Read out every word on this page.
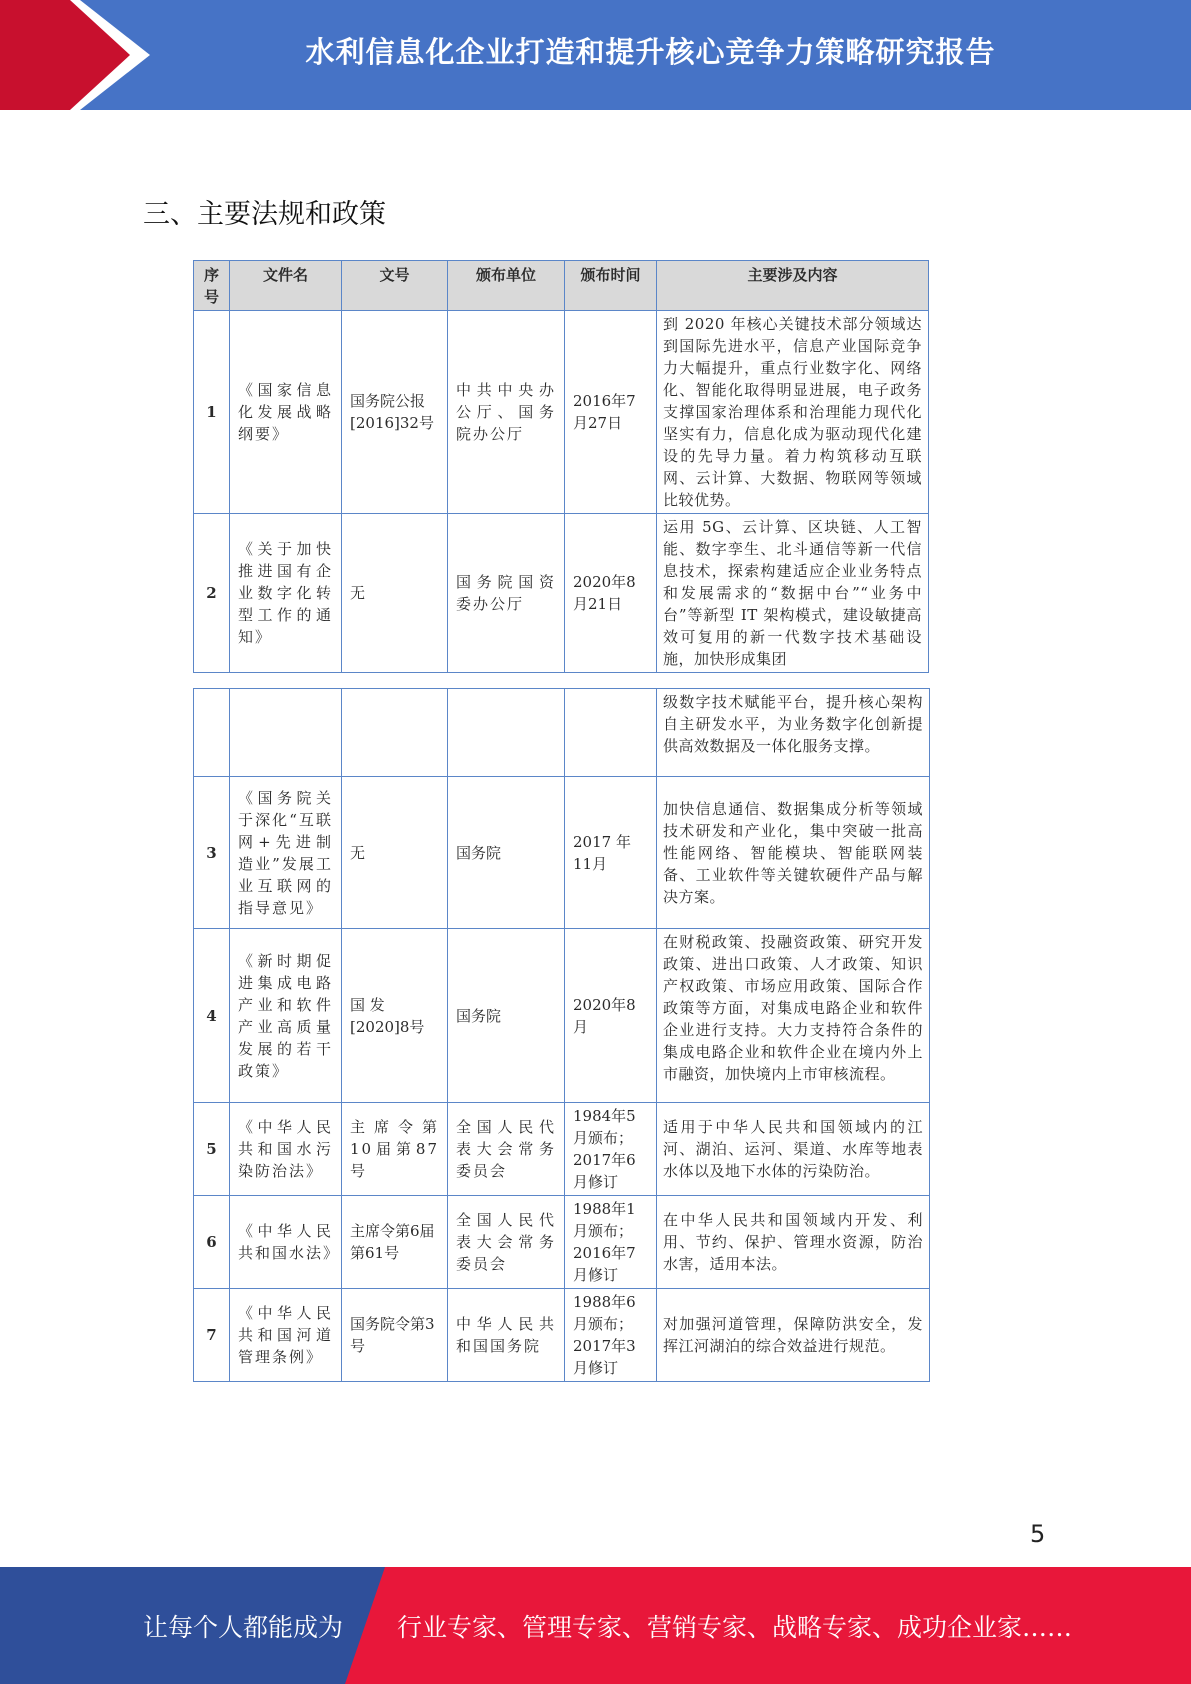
水利信息化企业打造和提升核心竞争力策略研究报告
三、主要法规和政策
序号	文件名	文号	颁布单位	颁布时间	主要涉及内容
1	《国家信息化发展战略纲要》	国务院公报[2016]32号	中共中央办公厅、国务院办公厅	2016年7月27日	到 2020 年核心关键技术部分领域达到国际先进水平，信息产业国际竞争力大幅提升，重点行业数字化、网络化、智能化取得明显进展，电子政务支撑国家治理体系和治理能力现代化坚实有力，信息化成为驱动现代化建设的先导力量。着力构筑移动互联网、云计算、大数据、物联网等领域比较优势。
2	《关于加快推进国有企业数字化转型工作的通知》	无	国务院国资委办公厅	2020年8月21日	运用 5G、云计算、区块链、人工智能、数字孪生、北斗通信等新一代信息技术，探索构建适应企业业务特点和发展需求的“数据中台”“业务中台”等新型 IT 架构模式，建设敏捷高效可复用的新一代数字技术基础设施，加快形成集团
					级数字技术赋能平台，提升核心架构自主研发水平，为业务数字化创新提供高效数据及一体化服务支撑。
3	《国务院关于深化“互联网+先进制造业”发展工业互联网的指导意见》	无	国务院	2017 年 11月	加快信息通信、数据集成分析等领域技术研发和产业化，集中突破一批高性能网络、智能模块、智能联网装备、工业软件等关键软硬件产品与解决方案。
4	《新时期促进集成电路产业和软件产业高质量发展的若干政策》	国 发[2020]8号	国务院	2020年8月	在财税政策、投融资政策、研究开发政策、进出口政策、人才政策、知识产权政策、市场应用政策、国际合作政策等方面，对集成电路企业和软件企业进行支持。大力支持符合条件的集成电路企业和软件企业在境内外上市融资，加快境内上市审核流程。
5	《中华人民共和国水污染防治法》	主席令第10届第87号	全国人民代表大会常务委员会	1984年5月颁布；2017年6月修订	适用于中华人民共和国领域内的江河、湖泊、运河、渠道、水库等地表水体以及地下水体的污染防治。
6	《中华人民共和国水法》	主席令第6届第61号	全国人民代表大会常务委员会	1988年1月颁布；2016年7月修订	在中华人民共和国领域内开发、利用、节约、保护、管理水资源，防治水害，适用本法。
7	《中华人民共和国河道管理条例》	国务院令第3号	中华人民共和国国务院	1988年6月颁布；2017年3月修订	对加强河道管理，保障防洪安全，发挥江河湖泊的综合效益进行规范。
5
让每个人都能成为 行业专家、管理专家、营销专家、战略专家、成功企业家……
